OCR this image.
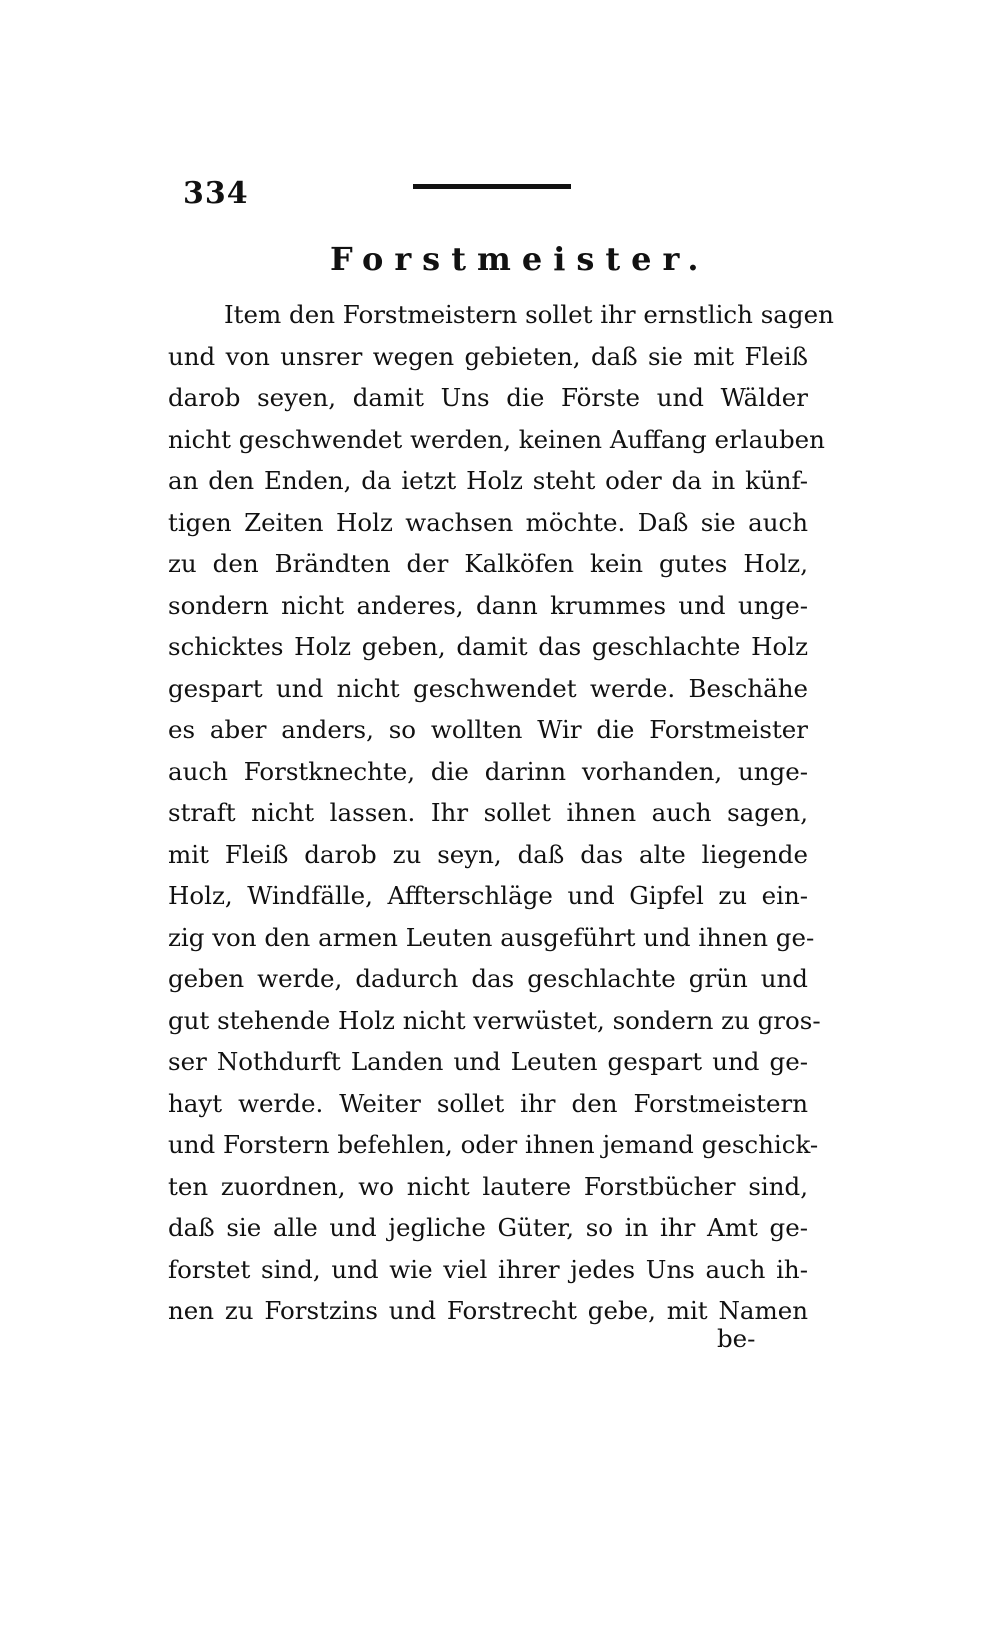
334
Forstmeister.
Item den Forstmeistern sollet ihr ernstlich sagen
und von unsrer wegen gebieten, daß sie mit Fleiß
darob seyen, damit Uns die Förste und Wälder
nicht geschwendet werden, keinen Auffang erlauben
an den Enden, da ietzt Holz steht oder da in künf-
tigen Zeiten Holz wachsen möchte. Daß sie auch
zu den Brändten der Kalköfen kein gutes Holz,
sondern nicht anderes, dann krummes und unge-
schicktes Holz geben, damit das geschlachte Holz
gespart und nicht geschwendet werde. Beschähe
es aber anders, so wollten Wir die Forstmeister
auch Forstknechte, die darinn vorhanden, unge-
straft nicht lassen. Ihr sollet ihnen auch sagen,
mit Fleiß darob zu seyn, daß das alte liegende
Holz, Windfälle, Affterschläge und Gipfel zu ein-
zig von den armen Leuten ausgeführt und ihnen ge-
geben werde, dadurch das geschlachte grün und
gut stehende Holz nicht verwüstet, sondern zu gros-
ser Nothdurft Landen und Leuten gespart und ge-
hayt werde. Weiter sollet ihr den Forstmeistern
und Forstern befehlen, oder ihnen jemand geschick-
ten zuordnen, wo nicht lautere Forstbücher sind,
daß sie alle und jegliche Güter, so in ihr Amt ge-
forstet sind, und wie viel ihrer jedes Uns auch ih-
nen zu Forstzins und Forstrecht gebe, mit Namen
be-
